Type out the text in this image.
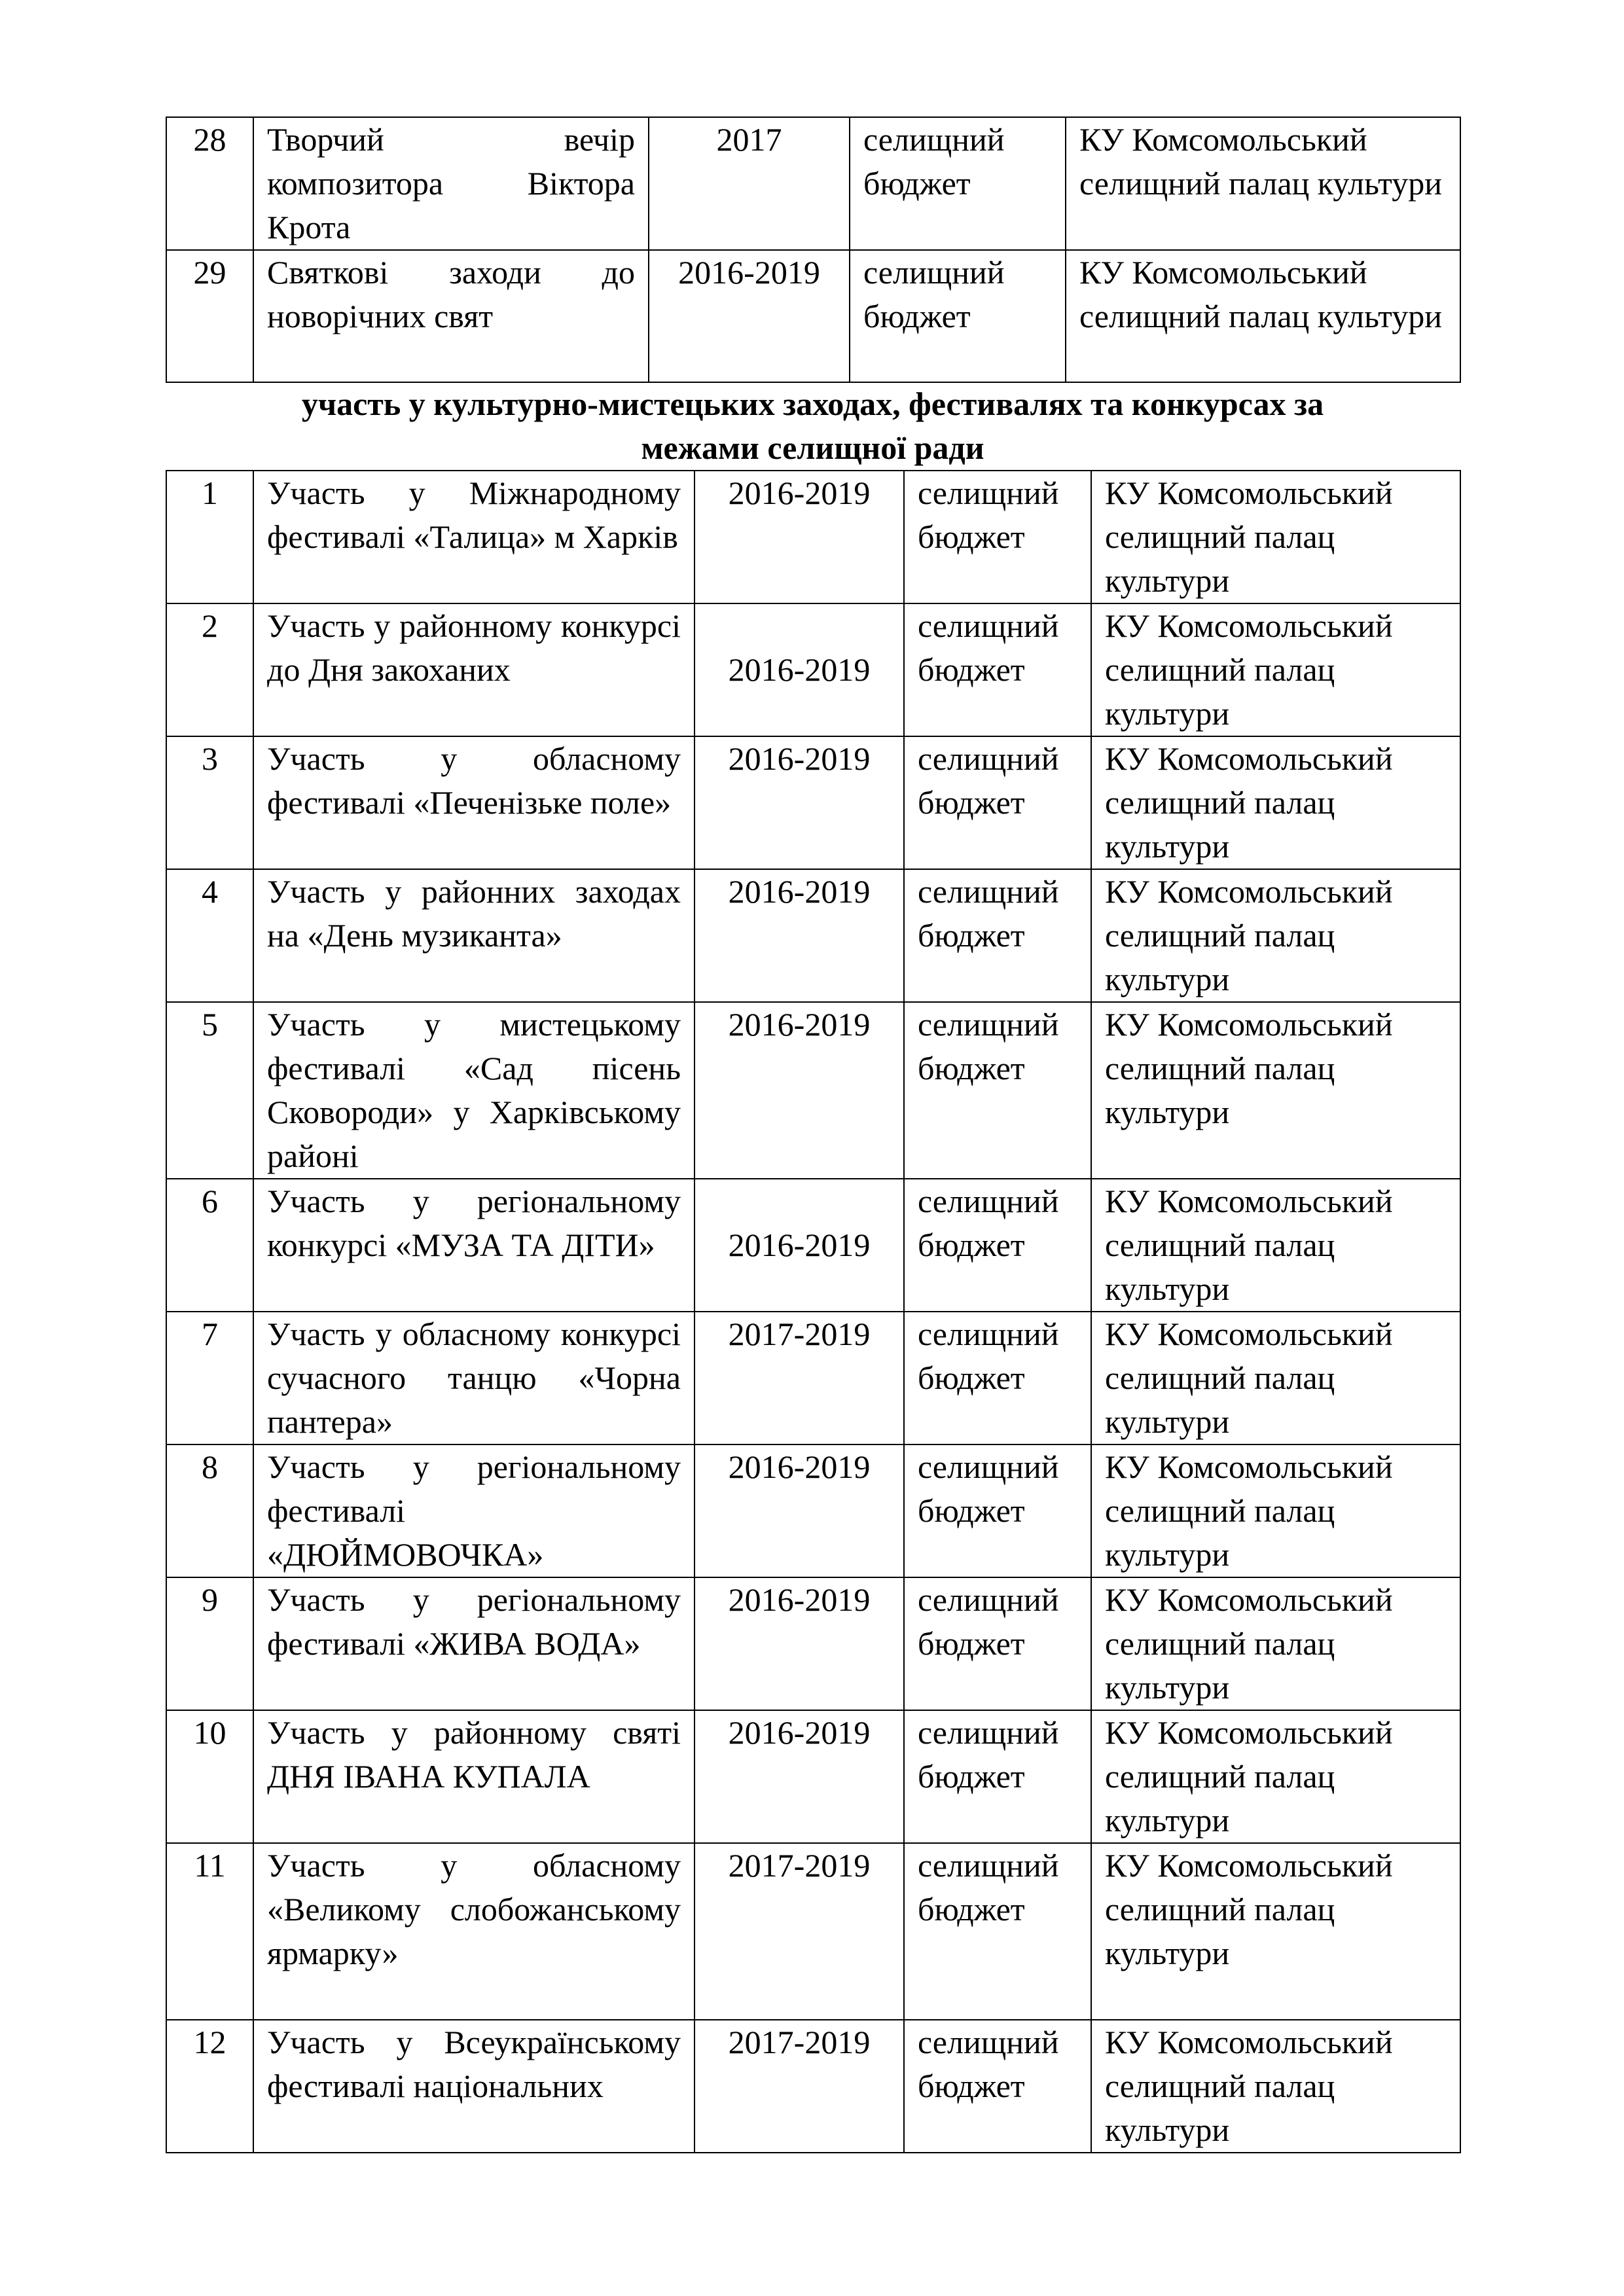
28	Творчий вечір композитора Віктора Крота	2017	селищний бюджет	КУ Комсомольський селищний палац культури
29	Святкові заходи до новорічних свят	2016-2019	селищний бюджет	КУ Комсомольський селищний палац культури
участь у культурно-мистецьких заходах, фестивалях та конкурсах за
межами селищної ради
1	Участь у Міжнародному фестивалі «Талица» м Харків	2016-2019	селищний бюджет	КУ Комсомольський селищний палац культури
2	Участь у районному конкурсі до Дня закоханих	2016-2019	селищний бюджет	КУ Комсомольський селищний палац культури
3	Участь у обласному фестивалі «Печенізьке поле»	2016-2019	селищний бюджет	КУ Комсомольський селищний палац культури
4	Участь у районних заходах на «День музиканта»	2016-2019	селищний бюджет	КУ Комсомольський селищний палац культури
5	Участь у мистецькому фестивалі «Сад пісень Сковороди» у Харківському районі	2016-2019	селищний бюджет	КУ Комсомольський селищний палац культури
6	Участь у регіональному конкурсі «МУЗА ТА ДІТИ»	2016-2019	селищний бюджет	КУ Комсомольський селищний палац культури
7	Участь у обласному конкурсі сучасного танцю «Чорна пантера»	2017-2019	селищний бюджет	КУ Комсомольський селищний палац культури
8	Участь у регіональному фестивалі «ДЮЙМОВОЧКА»	2016-2019	селищний бюджет	КУ Комсомольський селищний палац культури
9	Участь у регіональному фестивалі «ЖИВА ВОДА»	2016-2019	селищний бюджет	КУ Комсомольський селищний палац культури
10	Участь у районному святі ДНЯ ІВАНА КУПАЛА	2016-2019	селищний бюджет	КУ Комсомольський селищний палац культури
11	Участь у обласному «Великому слобожанському ярмарку»	2017-2019	селищний бюджет	КУ Комсомольський селищний палац культури
12	Участь у Всеукраїнському фестивалі національних	2017-2019	селищний бюджет	КУ Комсомольський селищний палац культури
